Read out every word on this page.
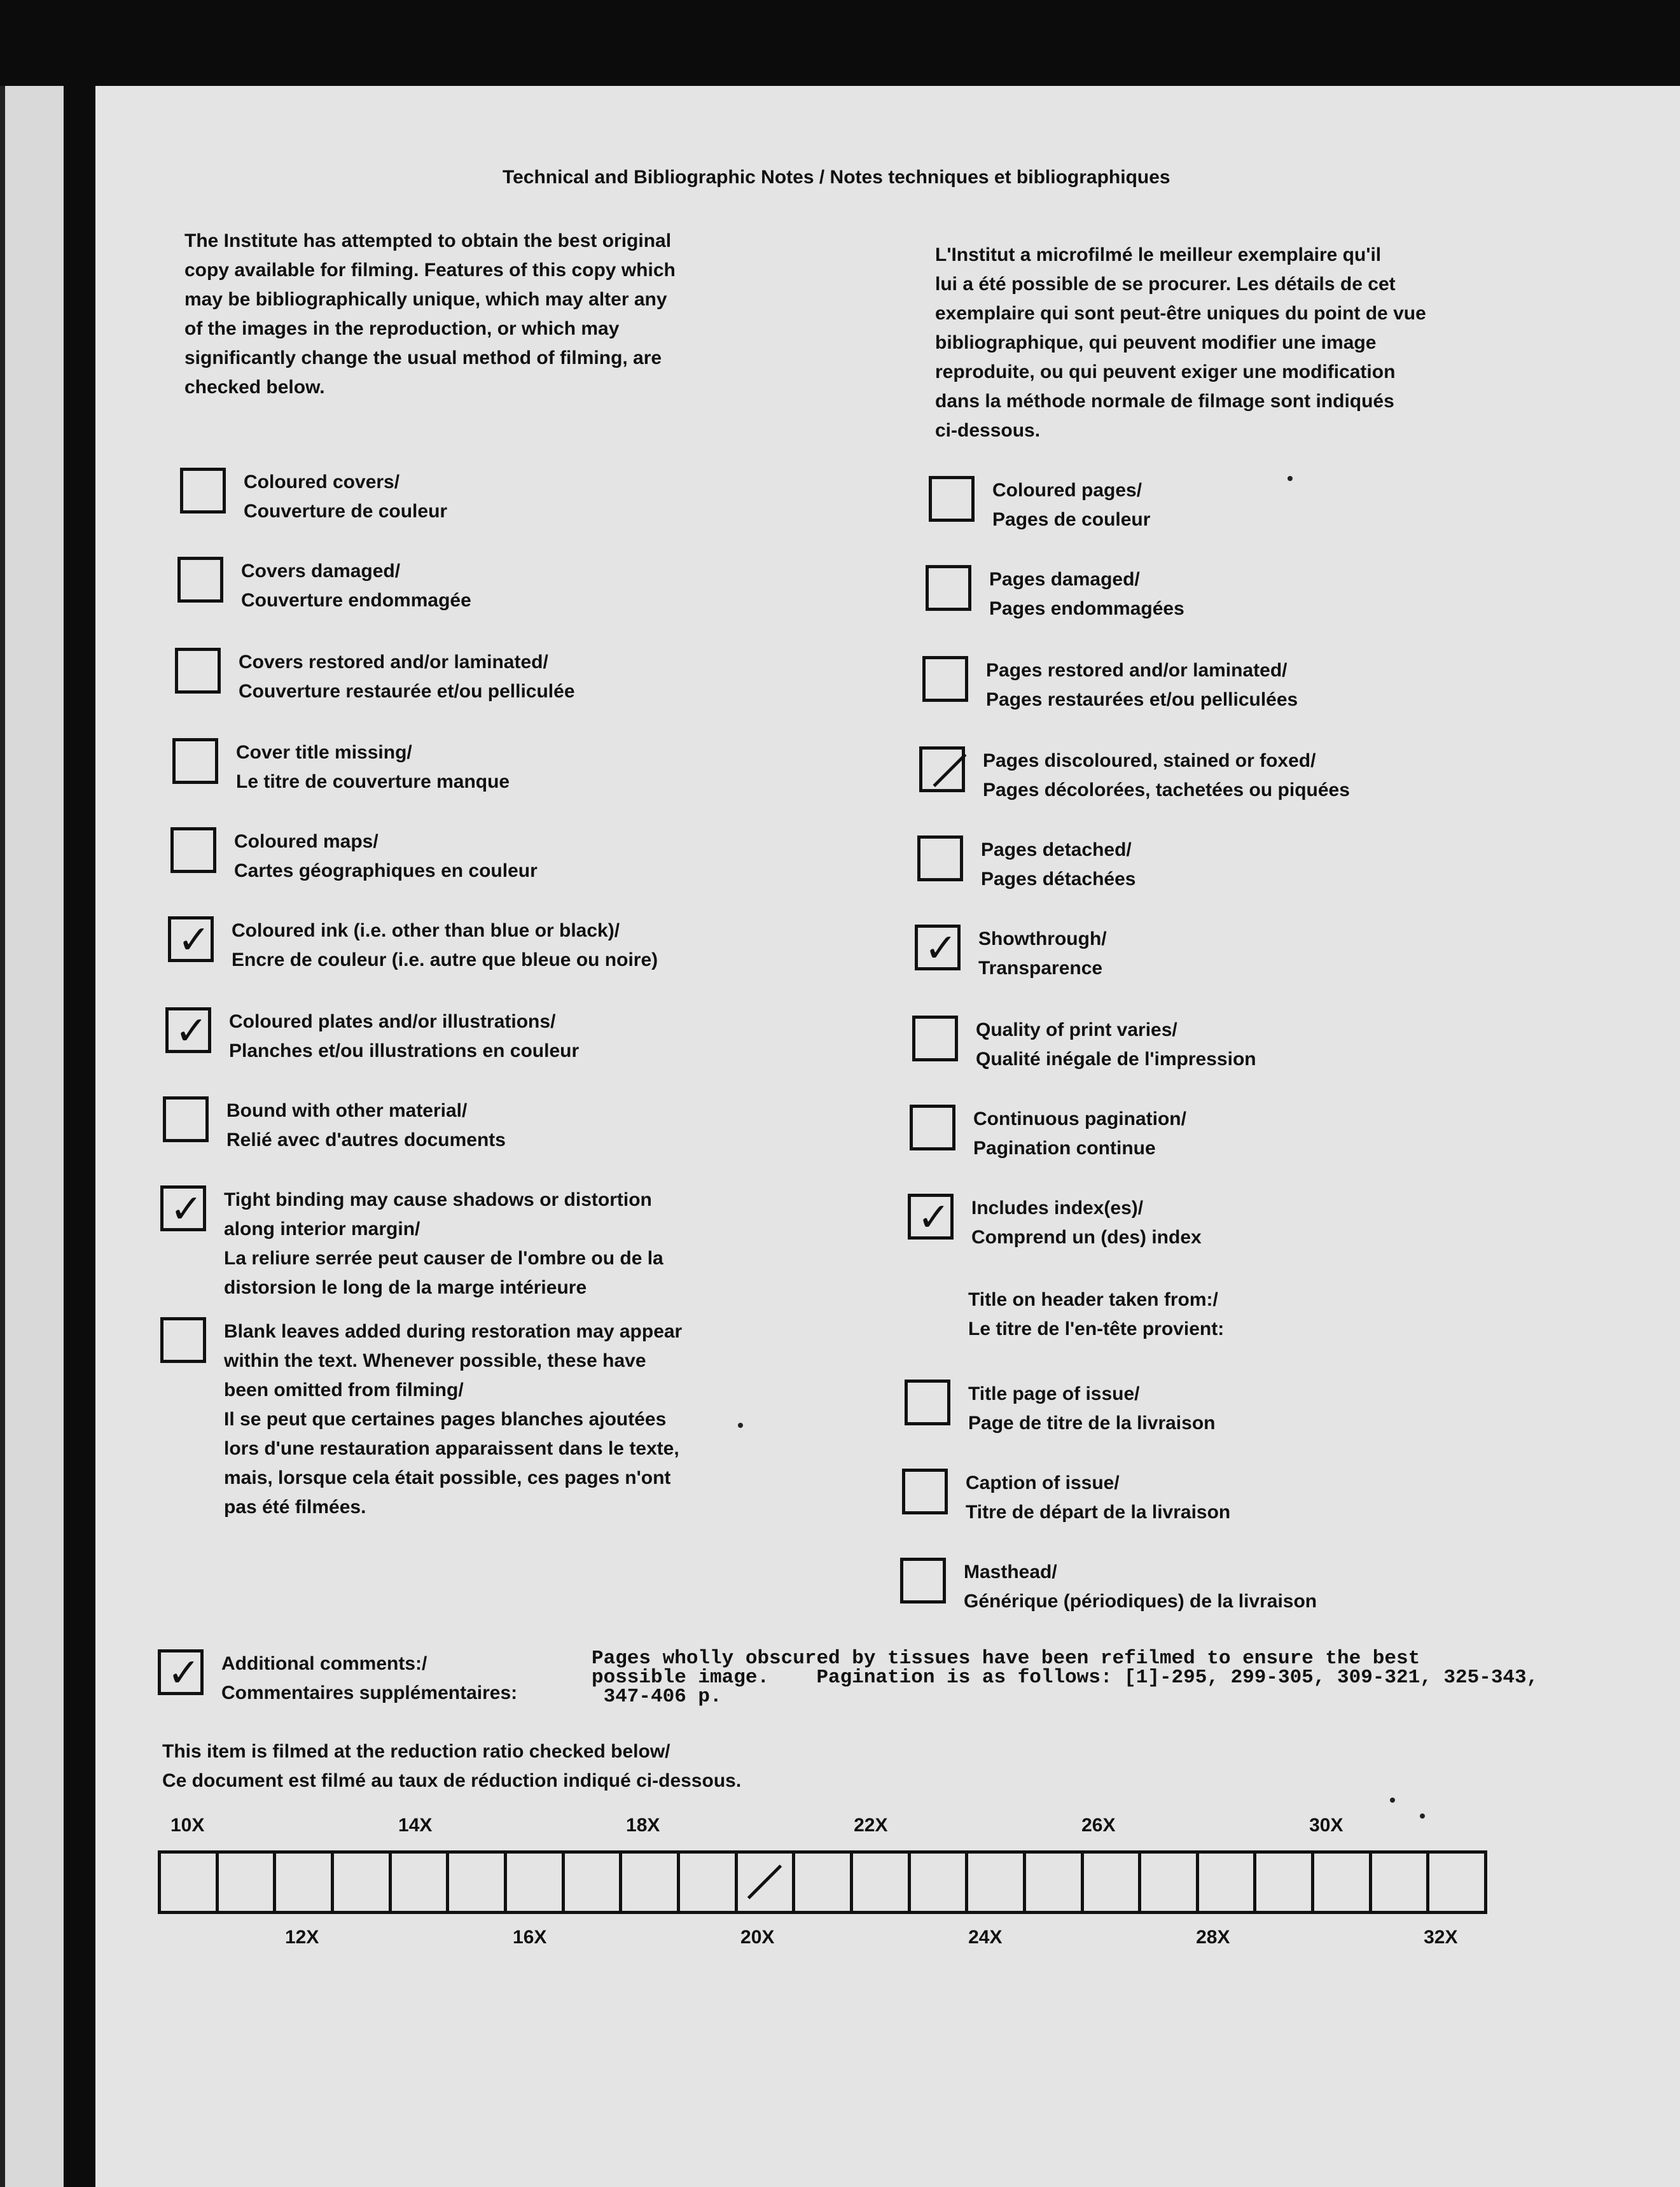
Technical and Bibliographic Notes / Notes techniques et bibliographiques
The Institute has attempted to obtain the best original
copy available for filming. Features of this copy which
may be bibliographically unique, which may alter any
of the images in the reproduction, or which may
significantly change the usual method of filming, are
checked below.
L'Institut a microfilmé le meilleur exemplaire qu'il
lui a été possible de se procurer. Les détails de cet
exemplaire qui sont peut-être uniques du point de vue
bibliographique, qui peuvent modifier une image
reproduite, ou qui peuvent exiger une modification
dans la méthode normale de filmage sont indiqués
ci-dessous.
Coloured covers/
Couverture de couleur
Covers damaged/
Couverture endommagée
Covers restored and/or laminated/
Couverture restaurée et/ou pelliculée
Cover title missing/
Le titre de couverture manque
Coloured maps/
Cartes géographiques en couleur
✓
Coloured ink (i.e. other than blue or black)/
Encre de couleur (i.e. autre que bleue ou noire)
✓
Coloured plates and/or illustrations/
Planches et/ou illustrations en couleur
Bound with other material/
Relié avec d'autres documents
✓
Tight binding may cause shadows or distortion
along interior margin/
La reliure serrée peut causer de l'ombre ou de la
distorsion le long de la marge intérieure
Blank leaves added during restoration may appear
within the text. Whenever possible, these have
been omitted from filming/
Il se peut que certaines pages blanches ajoutées
lors d'une restauration apparaissent dans le texte,
mais, lorsque cela était possible, ces pages n'ont
pas été filmées.
Coloured pages/
Pages de couleur
Pages damaged/
Pages endommagées
Pages restored and/or laminated/
Pages restaurées et/ou pelliculées
Pages discoloured, stained or foxed/
Pages décolorées, tachetées ou piquées
Pages detached/
Pages détachées
✓
Showthrough/
Transparence
Quality of print varies/
Qualité inégale de l'impression
Continuous pagination/
Pagination continue
✓
Includes index(es)/
Comprend un (des) index
Title on header taken from:/
Le titre de l'en-tête provient:
Title page of issue/
Page de titre de la livraison
Caption of issue/
Titre de départ de la livraison
Masthead/
Générique (périodiques) de la livraison
✓
Additional comments:/
Commentaires supplémentaires:
Pages wholly obscured by tissues have been refilmed to ensure the best
possible image.    Pagination is as follows: [1]-295, 299-305, 309-321, 325-343,
347-406 p.
This item is filmed at the reduction ratio checked below/
Ce document est filmé au taux de réduction indiqué ci-dessous.
10X	14X	18X	22X	26X	30X
12X	16X	20X	24X	28X	32X
